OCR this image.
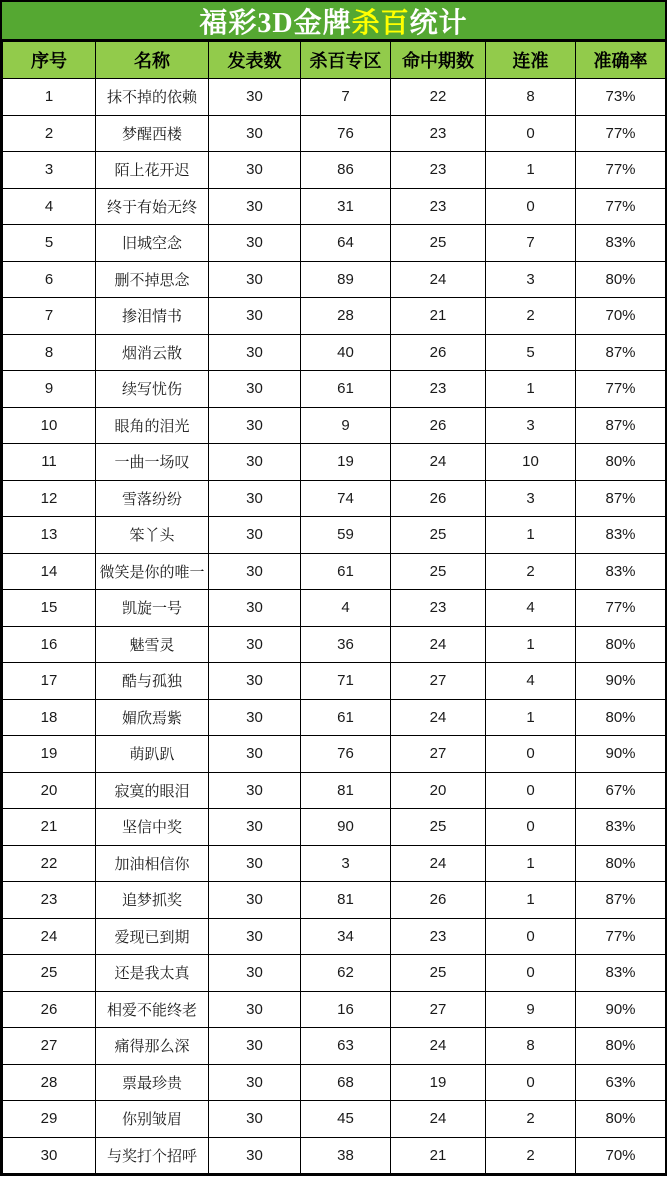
福彩3D金牌 杀百 统计
序号	名称	发表数	杀百专区	命中期数	连准	准确率
1	抹不掉的依赖	30	7	22	8	73%
2	梦醒西楼	30	76	23	0	77%
3	陌上花开迟	30	86	23	1	77%
4	终于有始无终	30	31	23	0	77%
5	旧城空念	30	64	25	7	83%
6	删不掉思念	30	89	24	3	80%
7	掺泪情书	30	28	21	2	70%
8	烟消云散	30	40	26	5	87%
9	续写忧伤	30	61	23	1	77%
10	眼角的泪光	30	9	26	3	87%
11	一曲一场叹	30	19	24	10	80%
12	雪落纷纷	30	74	26	3	87%
13	笨丫头	30	59	25	1	83%
14	微笑是你的唯一	30	61	25	2	83%
15	凯旋一号	30	4	23	4	77%
16	魅雪灵	30	36	24	1	80%
17	酷与孤独	30	71	27	4	90%
18	媚欣焉紫	30	61	24	1	80%
19	萌趴趴	30	76	27	0	90%
20	寂寞的眼泪	30	81	20	0	67%
21	坚信中奖	30	90	25	0	83%
22	加油相信你	30	3	24	1	80%
23	追梦抓奖	30	81	26	1	87%
24	爱现已到期	30	34	23	0	77%
25	还是我太真	30	62	25	0	83%
26	相爱不能终老	30	16	27	9	90%
27	痛得那么深	30	63	24	8	80%
28	票最珍贵	30	68	19	0	63%
29	你别皱眉	30	45	24	2	80%
30	与奖打个招呼	30	38	21	2	70%
